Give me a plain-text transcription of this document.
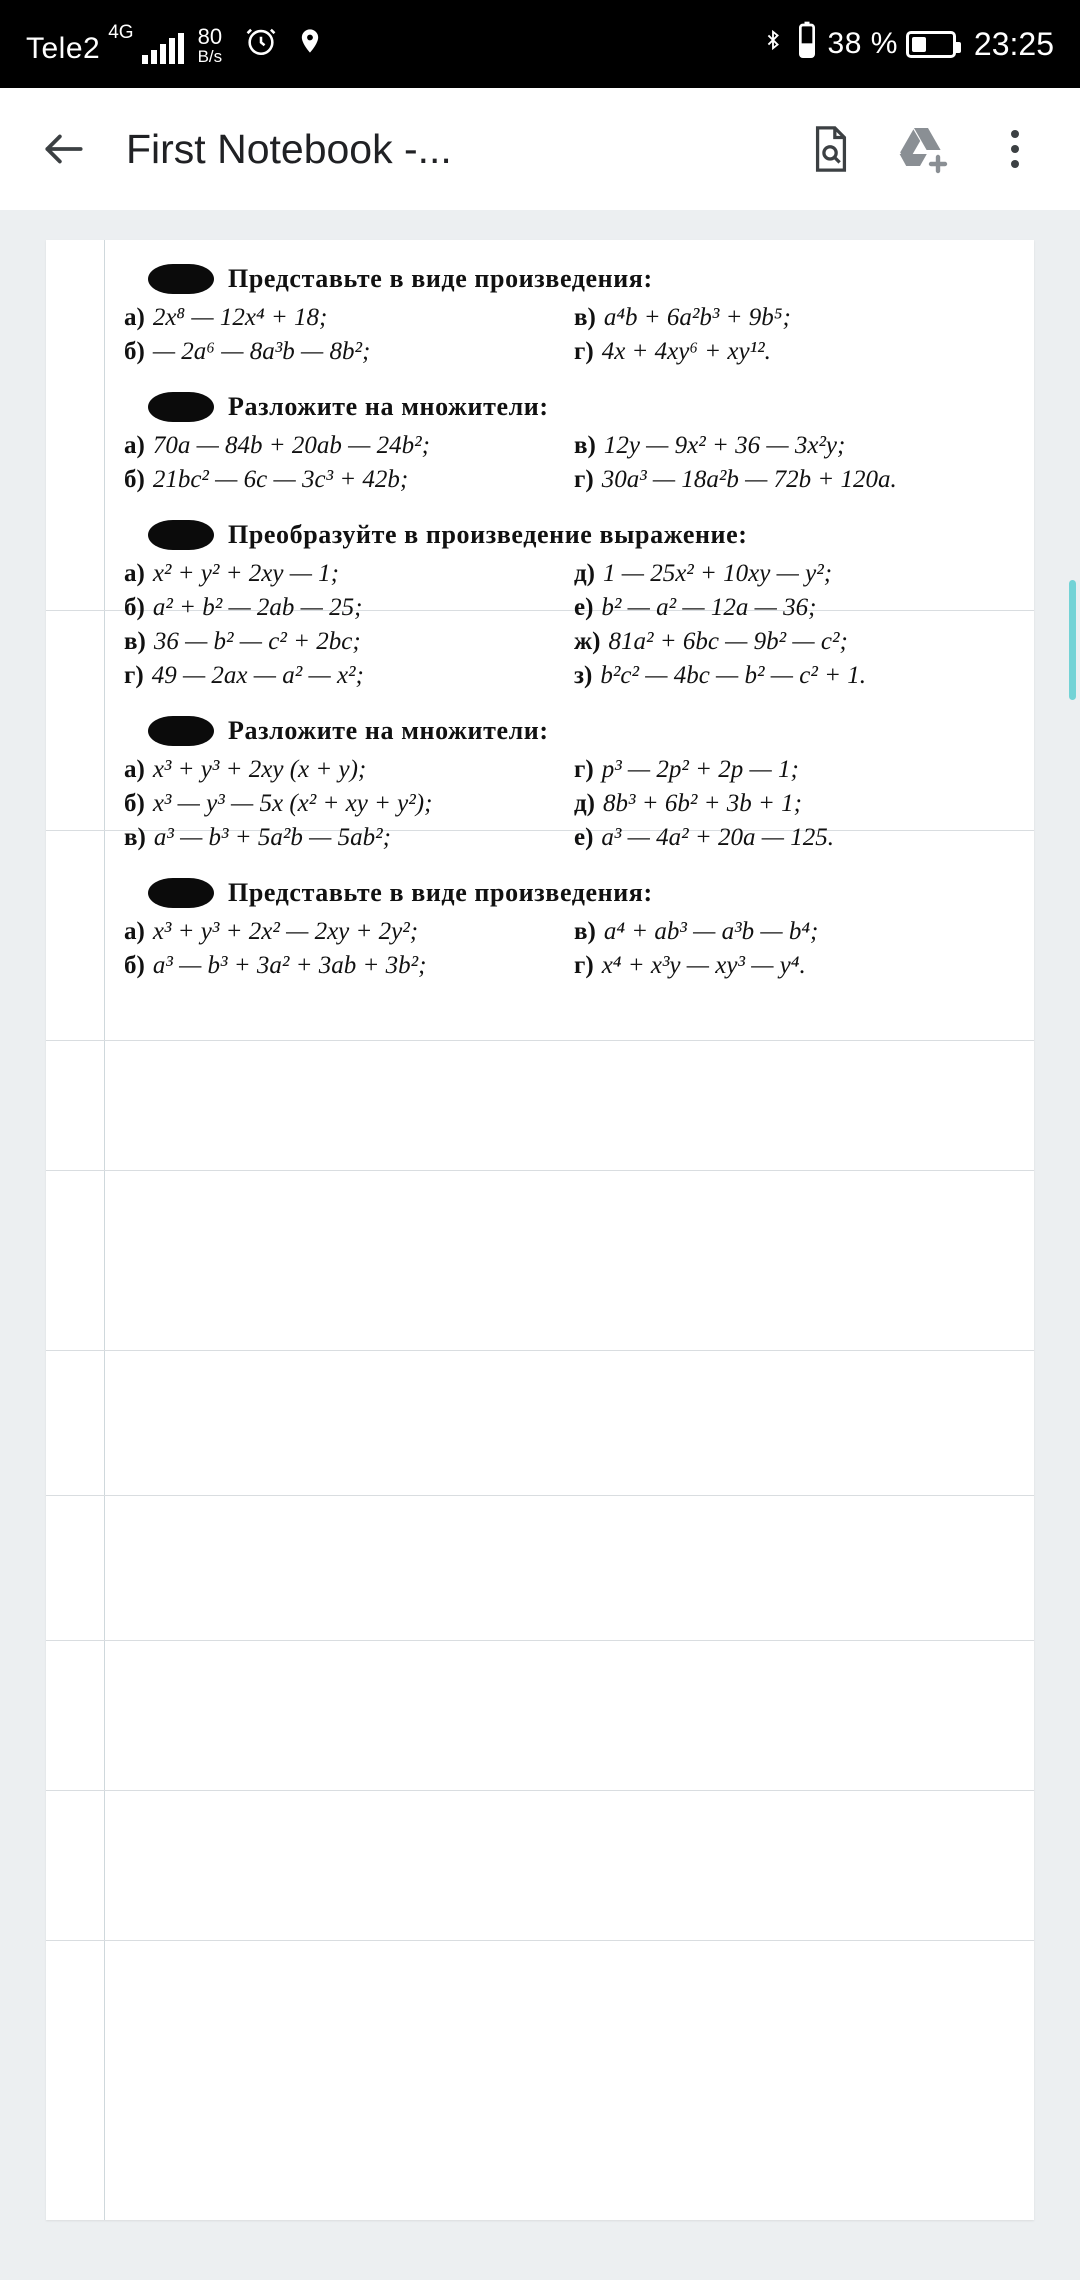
Tele2 4G	80
B/s	38 % 23:25
First Notebook -...
Представьте в виде произведения:
а) 2x⁸ — 12x⁴ + 18;	в) a⁴b + 6a²b³ + 9b⁵;
б) — 2a⁶ — 8a³b — 8b²;	г) 4x + 4xy⁶ + xy¹².
Разложите на множители:
а) 70a — 84b + 20ab — 24b²;	в) 12y — 9x² + 36 — 3x²y;
б) 21bc² — 6c — 3c³ + 42b;	г) 30a³ — 18a²b — 72b + 120a.
Преобразуйте в произведение выражение:
а) x² + y² + 2xy — 1;	д) 1 — 25x² + 10xy — y²;
б) a² + b² — 2ab — 25;	е) b² — a² — 12a — 36;
в) 36 — b² — c² + 2bc;	ж) 81a² + 6bc — 9b² — c²;
г) 49 — 2ax — a² — x²;	з) b²c² — 4bc — b² — c² + 1.
Разложите на множители:
а) x³ + y³ + 2xy (x + y);	г) p³ — 2p² + 2p — 1;
б) x³ — y³ — 5x (x² + xy + y²);	д) 8b³ + 6b² + 3b + 1;
в) a³ — b³ + 5a²b — 5ab²;	е) a³ — 4a² + 20a — 125.
Представьте в виде произведения:
а) x³ + y³ + 2x² — 2xy + 2y²;	в) a⁴ + ab³ — a³b — b⁴;
б) a³ — b³ + 3a² + 3ab + 3b²;	г) x⁴ + x³y — xy³ — y⁴.
